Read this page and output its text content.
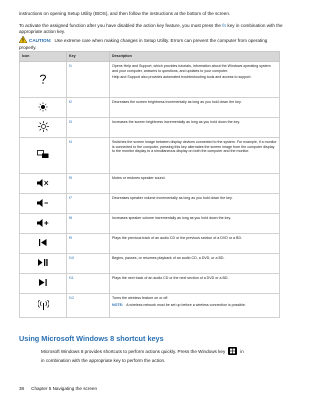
instructions on opening Setup Utility (BIOS), and then follow the instructions at the bottom of the screen.
To activate the assigned function after you have disabled the action key feature, you must press the fn key in combination with the appropriate action key.
CAUTION: Use extreme care when making changes in Setup Utility. Errors can prevent the computer from operating properly.
Icon	Key	Description
	f1	Opens Help and Support, which provides tutorials, information about the Windows operating system and your computer, answers to questions, and updates to your computer.
Help and Support also provides automated troubleshooting tools and access to support.

	f2	Decreases the screen brightness incrementally as long as you hold down the key.
	f3	Increases the screen brightness incrementally as long as you hold down the key.
	f4	Switches the screen image between display devices connected to the system. For example, if a monitor is connected to the computer, pressing this key alternates the screen image from the computer display to the monitor display to a simultaneous display on both the computer and the monitor.
	f5	Mutes or restores speaker sound.
	f7	Decreases speaker volume incrementally as long as you hold down the key.
	f8	Increases speaker volume incrementally as long as you hold down the key.
	f9	Plays the previous track of an audio CD or the previous section of a DVD or a BD.
	f10	Begins, pauses, or resumes playback of an audio CD, a DVD, or a BD.
	f11	Plays the next track of an audio CD or the next section of a DVD or a BD.
	f12	Turns the wireless feature on or off.
NOTE: A wireless network must be set up before a wireless connection is possible.
Using Microsoft Windows 8 shortcut keys
Microsoft Windows 8 provides shortcuts to perform actions quickly. Press the Windows key	in
in combination with the appropriate key to perform the action.
38 Chapter 5 Navigating the screen
